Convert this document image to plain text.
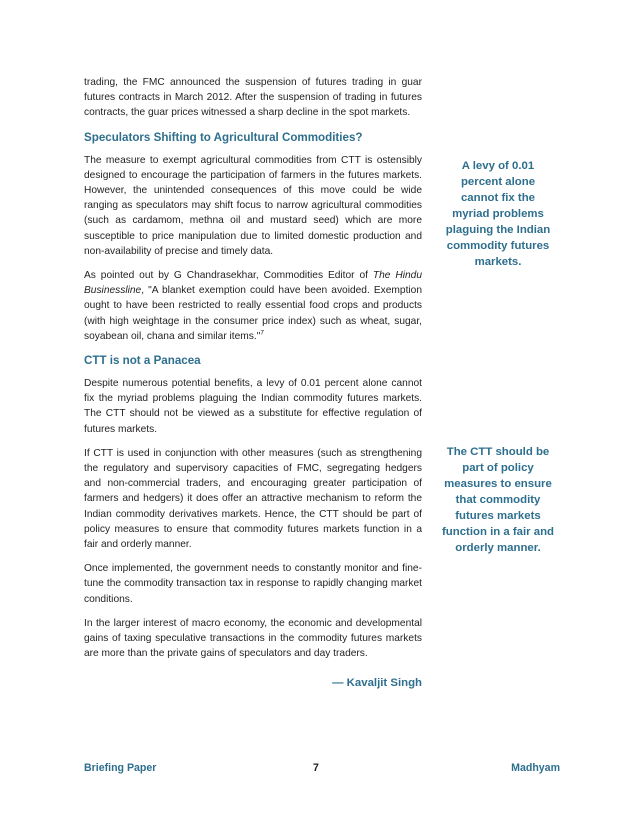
trading, the FMC announced the suspension of futures trading in guar futures contracts in March 2012. After the suspension of trading in futures contracts, the guar prices witnessed a sharp decline in the spot markets.

Speculators Shifting to Agricultural Commodities?

The measure to exempt agricultural commodities from CTT is ostensibly designed to encourage the participation of farmers in the futures markets. However, the unintended consequences of this move could be wide ranging as speculators may shift focus to narrow agricultural commodities (such as cardamom, methna oil and mustard seed) which are more susceptible to price manipulation due to limited domestic production and non-availability of precise and timely data.

As pointed out by G Chandrasekhar, Commodities Editor of The Hindu Businessline, "A blanket exemption could have been avoided. Exemption ought to have been restricted to really essential food crops and products (with high weightage in the consumer price index) such as wheat, sugar, soyabean oil, chana and similar items."$^7$

CTT is not a Panacea

Despite numerous potential benefits, a levy of 0.01 percent alone cannot fix the myriad problems plaguing the Indian commodity futures markets. The CTT should not be viewed as a substitute for effective regulation of futures markets.

If CTT is used in conjunction with other measures (such as strengthening the regulatory and supervisory capacities of FMC, segregating hedgers and non-commercial traders, and encouraging greater participation of farmers and hedgers) it does offer an attractive mechanism to reform the Indian commodity derivatives markets. Hence, the CTT should be part of policy measures to ensure that commodity futures markets function in a fair and orderly manner.

Once implemented, the government needs to constantly monitor and fine-tune the commodity transaction tax in response to rapidly changing market conditions.

In the larger interest of macro economy, the economic and developmental gains of taxing speculative transactions in the commodity futures markets are more than the private gains of speculators and day traders.

— Kavaljit Singh
A levy of 0.01
percent alone
cannot fix the
myriad problems
plaguing the Indian
commodity futures
markets.
The CTT should be
part of policy
measures to ensure
that commodity
futures markets
function in a fair and
orderly manner.
Briefing Paper	7	Madhyam
